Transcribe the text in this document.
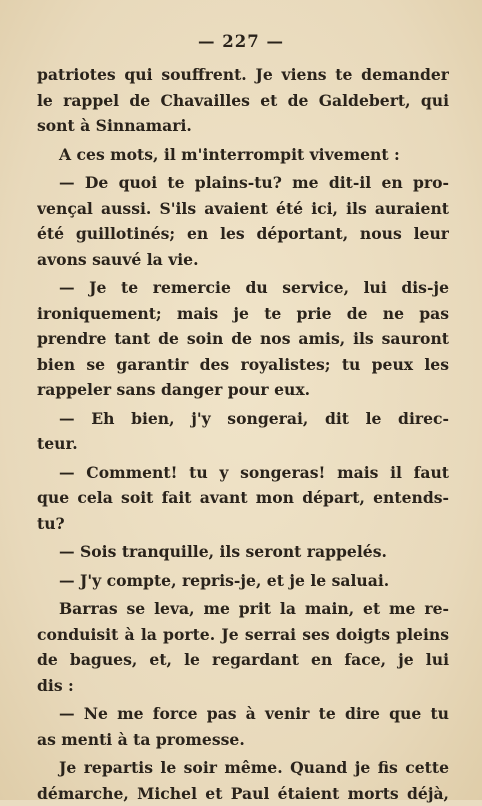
— 227 —
patriotes qui souffrent. Je viens te demander
le rappel de Chavailles et de Galdebert, qui
sont à Sinnamari.
A ces mots, il m'interrompit vivement :
— De quoi te plains-tu? me dit-il en pro-
vençal aussi. S'ils avaient été ici, ils auraient
été guillotinés; en les déportant, nous leur
avons sauvé la vie.
— Je te remercie du service, lui dis-je
ironiquement; mais je te prie de ne pas
prendre tant de soin de nos amis, ils sauront
bien se garantir des royalistes; tu peux les
rappeler sans danger pour eux.
— Eh bien, j'y songerai, dit le direc-
teur.
— Comment! tu y songeras! mais il faut
que cela soit fait avant mon départ, entends-
tu?
— Sois tranquille, ils seront rappelés.
— J'y compte, repris-je, et je le saluai.
Barras se leva, me prit la main, et me re-
conduisit à la porte. Je serrai ses doigts pleins
de bagues, et, le regardant en face, je lui
dis :
— Ne me force pas à venir te dire que tu
as menti à ta promesse.
Je repartis le soir même. Quand je fis cette
démarche, Michel et Paul étaient morts déjà,
